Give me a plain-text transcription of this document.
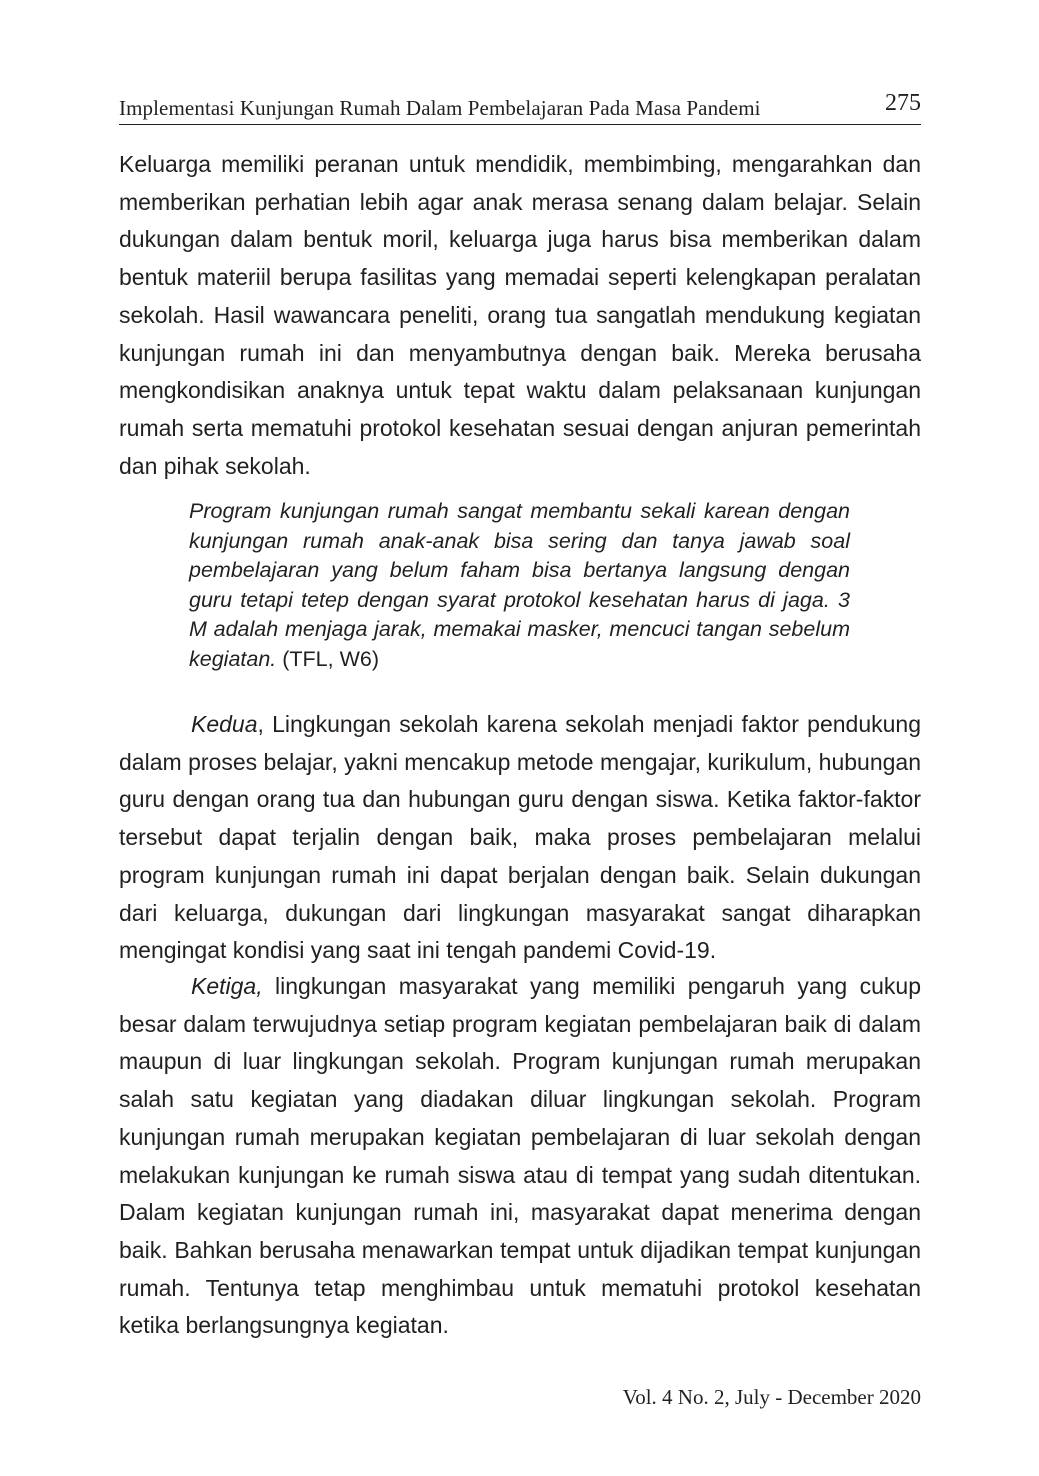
Implementasi Kunjungan Rumah Dalam Pembelajaran Pada Masa Pandemi	275

Keluarga memiliki peranan untuk mendidik, membimbing, mengarahkan dan memberikan perhatian lebih agar anak merasa senang dalam belajar. Selain dukungan dalam bentuk moril, keluarga juga harus bisa memberikan dalam bentuk materiil berupa fasilitas yang memadai seperti kelengkapan peralatan sekolah. Hasil wawancara peneliti, orang tua sangatlah mendukung kegiatan kunjungan rumah ini dan menyambutnya dengan baik. Mereka berusaha mengkondisikan anaknya untuk tepat waktu dalam pelaksanaan kunjungan rumah serta mematuhi protokol kesehatan sesuai dengan anjuran pemerintah dan pihak sekolah.

Program kunjungan rumah sangat membantu sekali karean dengan kunjungan rumah anak-anak bisa sering dan tanya jawab soal pembelajaran yang belum faham bisa bertanya langsung dengan guru tetapi tetep dengan syarat protokol kesehatan harus di jaga. 3 M adalah menjaga jarak, memakai masker, mencuci tangan sebelum kegiatan. (TFL, W6)

Kedua, Lingkungan sekolah karena sekolah menjadi faktor pendukung dalam proses belajar, yakni mencakup metode mengajar, kurikulum, hubungan guru dengan orang tua dan hubungan guru dengan siswa. Ketika faktor-faktor tersebut dapat terjalin dengan baik, maka proses pembelajaran melalui program kunjungan rumah ini dapat berjalan dengan baik. Selain dukungan dari keluarga, dukungan dari lingkungan masyarakat sangat diharapkan mengingat kondisi yang saat ini tengah pandemi Covid-19.

Ketiga, lingkungan masyarakat yang memiliki pengaruh yang cukup besar dalam terwujudnya setiap program kegiatan pembelajaran baik di dalam maupun di luar lingkungan sekolah. Program kunjungan rumah merupakan salah satu kegiatan yang diadakan diluar lingkungan sekolah. Program kunjungan rumah merupakan kegiatan pembelajaran di luar sekolah dengan melakukan kunjungan ke rumah siswa atau di tempat yang sudah ditentukan. Dalam kegiatan kunjungan rumah ini, masyarakat dapat menerima dengan baik. Bahkan berusaha menawarkan tempat untuk dijadikan tempat kunjungan rumah. Tentunya tetap menghimbau untuk mematuhi protokol kesehatan ketika berlangsungnya kegiatan.

Vol. 4 No. 2, July - December 2020
